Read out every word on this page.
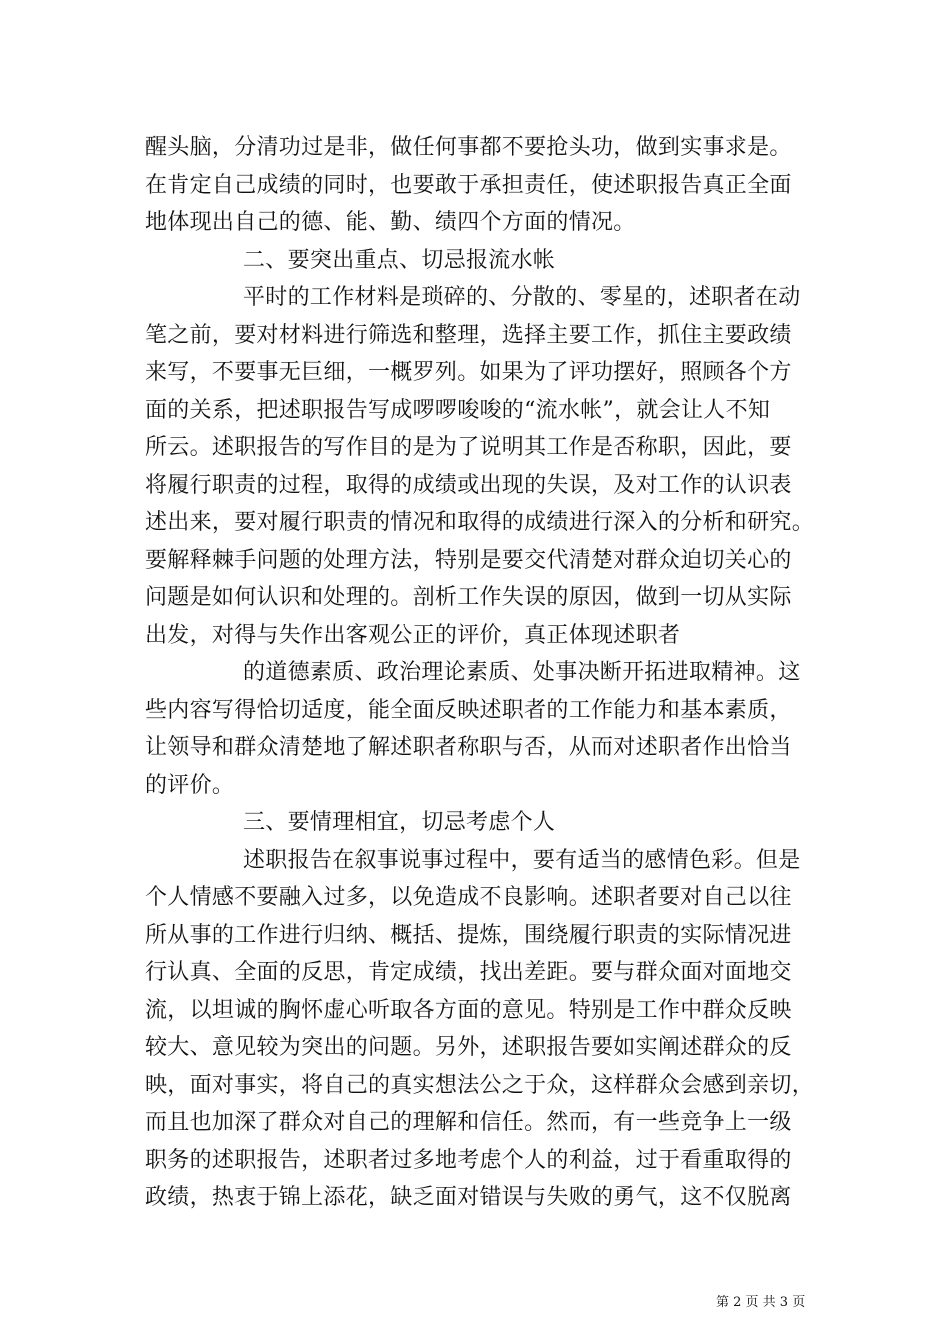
醒头脑，分清功过是非，做任何事都不要抢头功，做到实事求是。

在肯定自己成绩的同时，也要敢于承担责任，使述职报告真正全面

地体现出自己的德、能、勤、绩四个方面的情况。

二、要突出重点、切忌报流水帐

平时的工作材料是琐碎的、分散的、零星的，述职者在动

笔之前，要对材料进行筛选和整理，选择主要工作，抓住主要政绩

来写，不要事无巨细，一概罗列。如果为了评功摆好，照顾各个方

面的关系，把述职报告写成啰啰唆唆的“流水帐”，就会让人不知

所云。述职报告的写作目的是为了说明其工作是否称职，因此，要

将履行职责的过程，取得的成绩或出现的失误，及对工作的认识表

述出来，要对履行职责的情况和取得的成绩进行深入的分析和研究。

要解释棘手问题的处理方法，特别是要交代清楚对群众迫切关心的

问题是如何认识和处理的。剖析工作失误的原因，做到一切从实际

出发，对得与失作出客观公正的评价，真正体现述职者

的道德素质、政治理论素质、处事决断开拓进取精神。这

些内容写得恰切适度，能全面反映述职者的工作能力和基本素质，

让领导和群众清楚地了解述职者称职与否，从而对述职者作出恰当

的评价。

三、要情理相宜，切忌考虑个人

述职报告在叙事说事过程中，要有适当的感情色彩。但是

个人情感不要融入过多，以免造成不良影响。述职者要对自己以往

所从事的工作进行归纳、概括、提炼，围绕履行职责的实际情况进

行认真、全面的反思，肯定成绩，找出差距。要与群众面对面地交

流，以坦诚的胸怀虚心听取各方面的意见。特别是工作中群众反映

较大、意见较为突出的问题。另外，述职报告要如实阐述群众的反

映，面对事实，将自己的真实想法公之于众，这样群众会感到亲切，

而且也加深了群众对自己的理解和信任。然而，有一些竞争上一级

职务的述职报告，述职者过多地考虑个人的利益，过于看重取得的

政绩，热衷于锦上添花，缺乏面对错误与失败的勇气，这不仅脱离

第 2 页 共 3 页
